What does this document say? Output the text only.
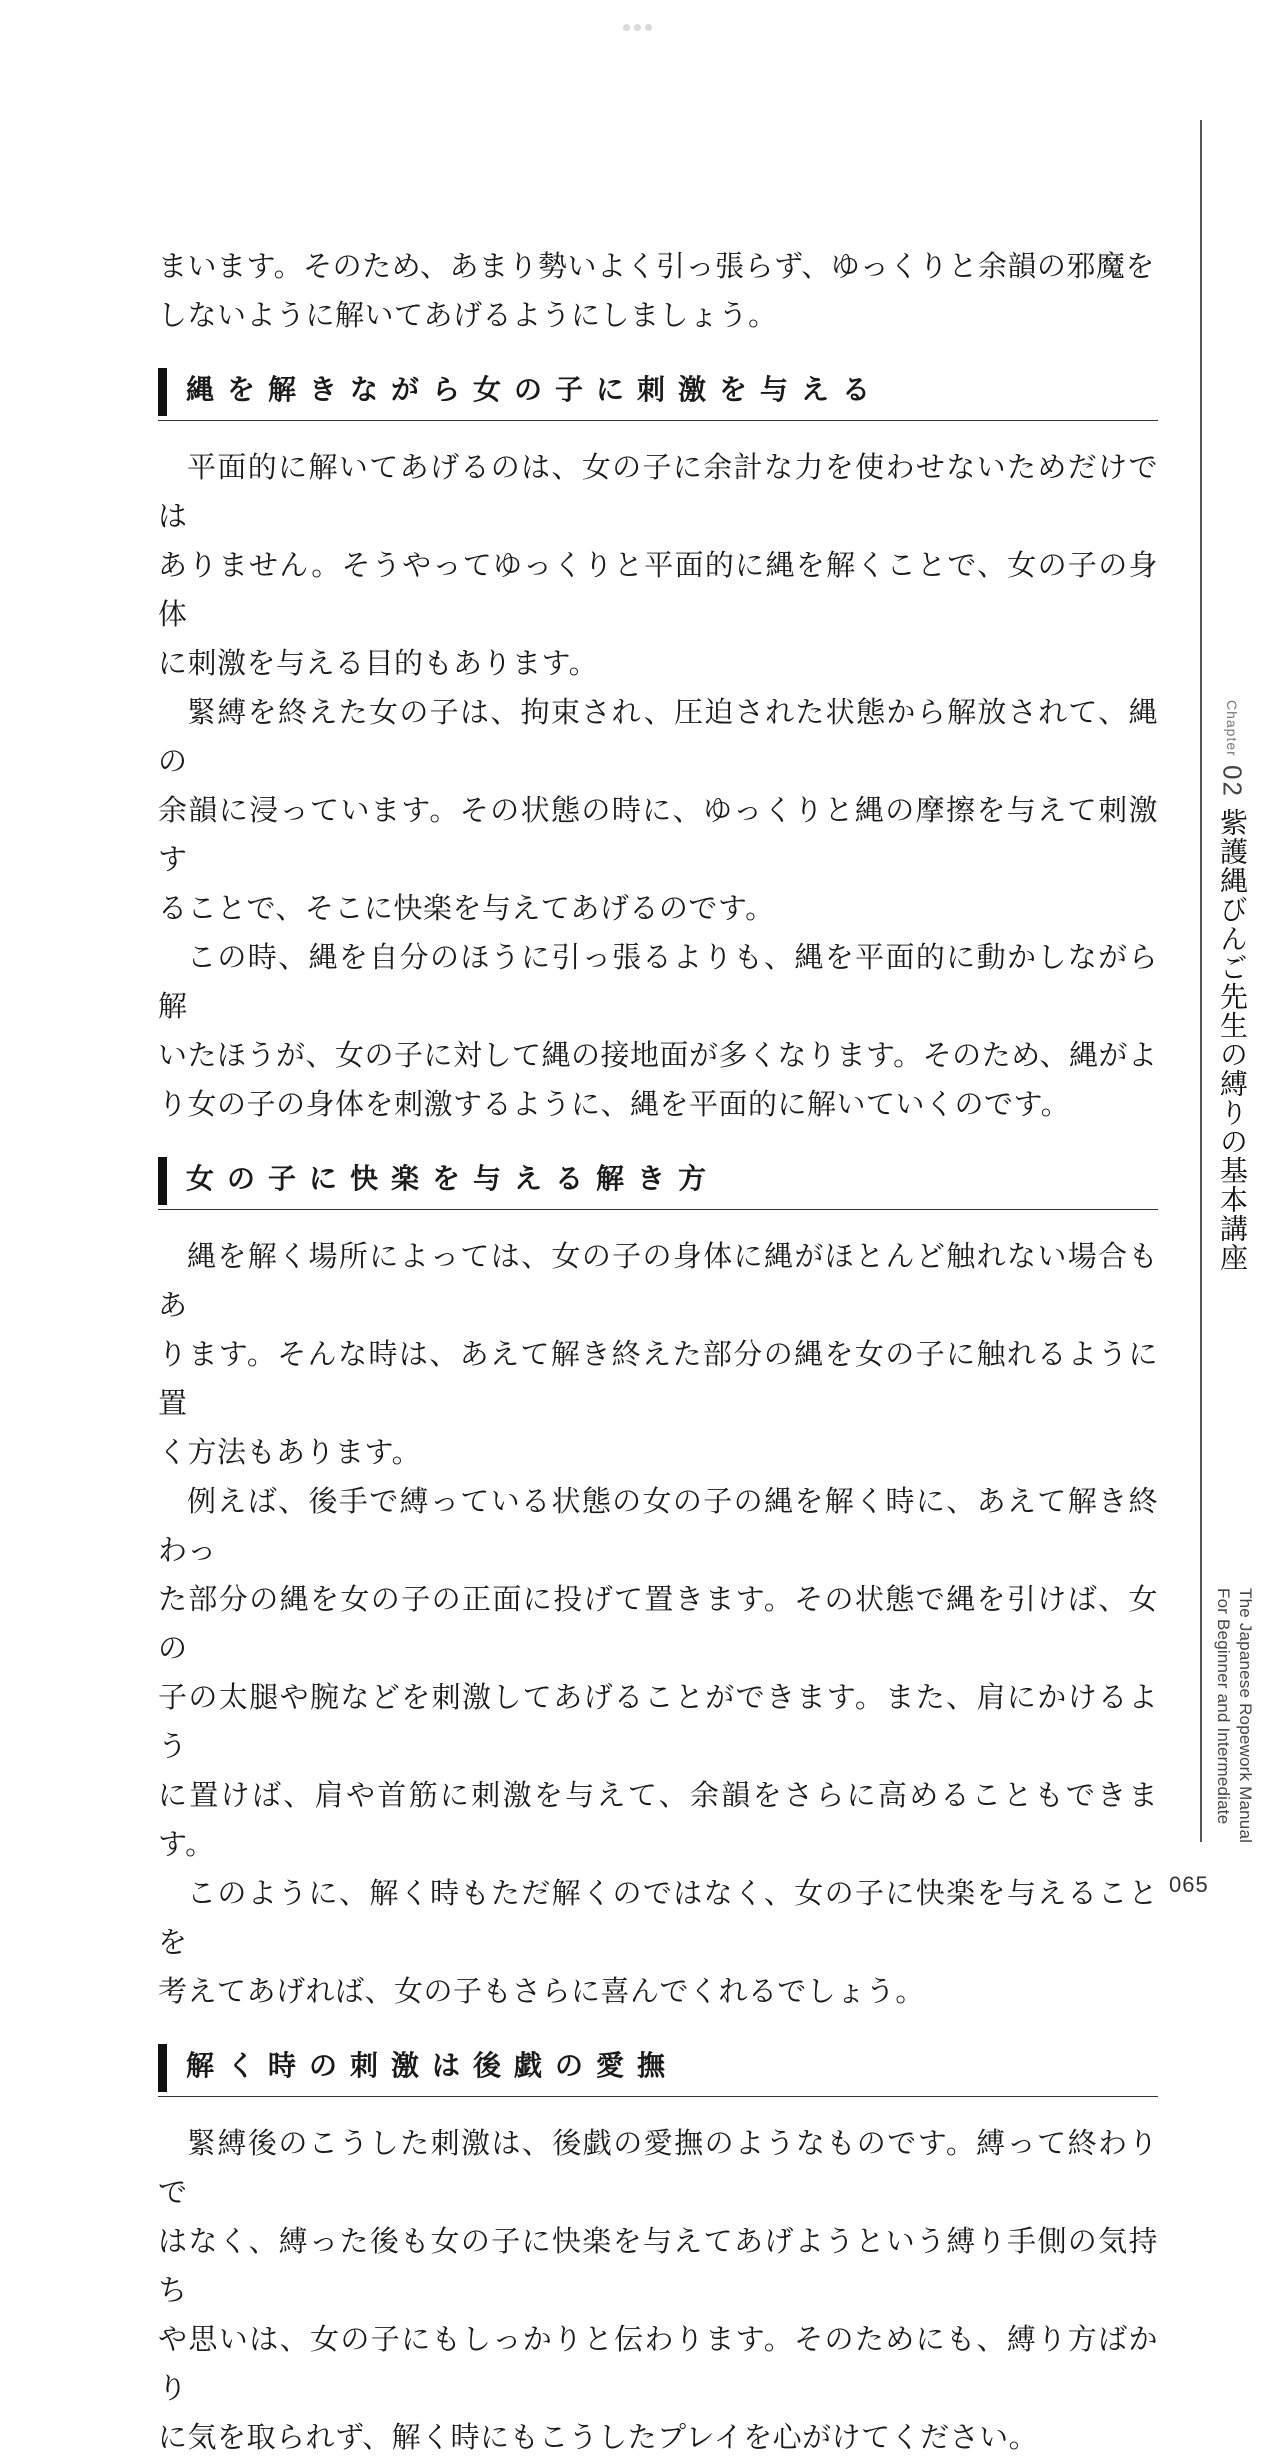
まいます。そのため、あまり勢いよく引っ張らず、ゆっくりと余韻の邪魔を
しないように解いてあげるようにしましょう。

縄を解きながら女の子に刺激を与える

平面的に解いてあげるのは、女の子に余計な力を使わせないためだけでは
ありません。そうやってゆっくりと平面的に縄を解くことで、女の子の身体
に刺激を与える目的もあります。

緊縛を終えた女の子は、拘束され、圧迫された状態から解放されて、縄の
余韻に浸っています。その状態の時に、ゆっくりと縄の摩擦を与えて刺激す
ることで、そこに快楽を与えてあげるのです。

この時、縄を自分のほうに引っ張るよりも、縄を平面的に動かしながら解
いたほうが、女の子に対して縄の接地面が多くなります。そのため、縄がよ
り女の子の身体を刺激するように、縄を平面的に解いていくのです。

女の子に快楽を与える解き方

縄を解く場所によっては、女の子の身体に縄がほとんど触れない場合もあ
ります。そんな時は、あえて解き終えた部分の縄を女の子に触れるように置
く方法もあります。

例えば、後手で縛っている状態の女の子の縄を解く時に、あえて解き終わっ
た部分の縄を女の子の正面に投げて置きます。その状態で縄を引けば、女の
子の太腿や腕などを刺激してあげることができます。また、肩にかけるよう
に置けば、肩や首筋に刺激を与えて、余韻をさらに高めることもできます。

このように、解く時もただ解くのではなく、女の子に快楽を与えることを
考えてあげれば、女の子もさらに喜んでくれるでしょう。

解く時の刺激は後戯の愛撫

緊縛後のこうした刺激は、後戯の愛撫のようなものです。縛って終わりで
はなく、縛った後も女の子に快楽を与えてあげようという縛り手側の気持ち
や思いは、女の子にもしっかりと伝わります。そのためにも、縛り方ばかり
に気を取られず、解く時にもこうしたプレイを心がけてください。

Chapter
02
紫護縄びんご先生の縛りの基本講座
The Japanese Ropework Manual
For Beginner and Intermediate
065
